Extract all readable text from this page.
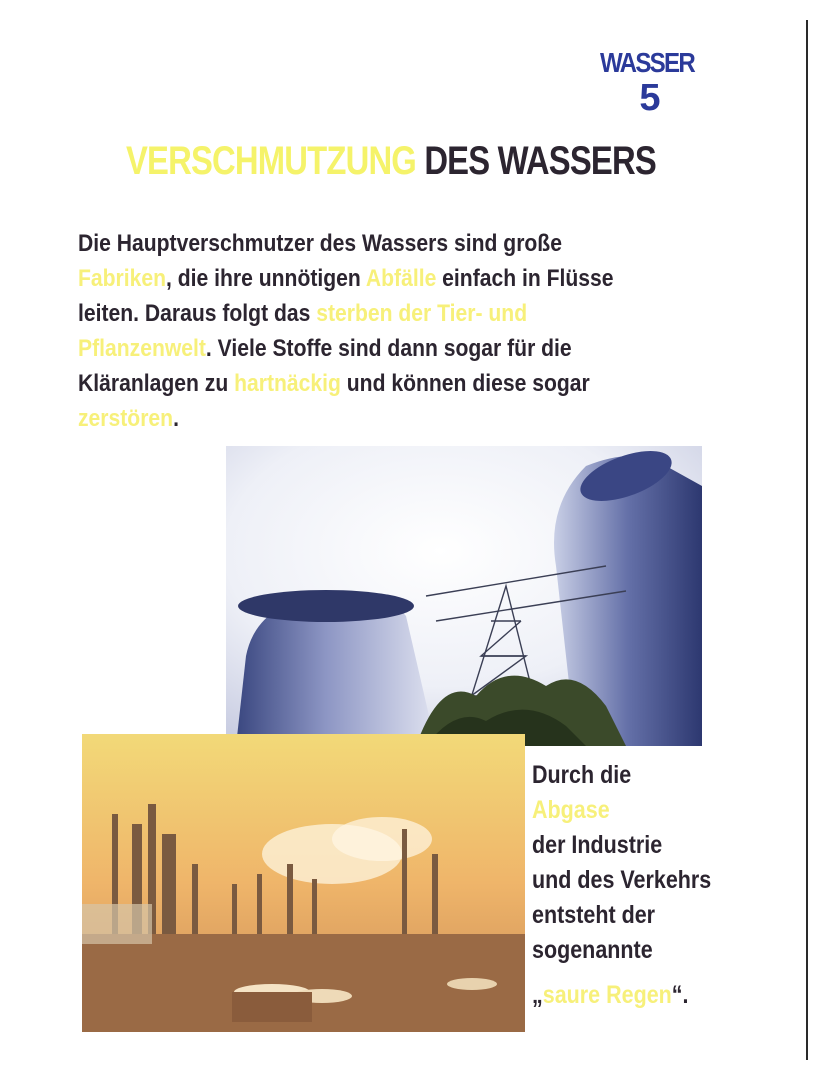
WASSER
5
VERSCHMUTZUNG DES WASSERS
Die Hauptverschmutzer des Wassers sind große Fabriken, die ihre unnötigen Abfälle einfach in Flüsse leiten. Daraus folgt das sterben der Tier- und Pflanzenwelt. Viele Stoffe sind dann sogar für die Kläranlagen zu hartnäckig und können diese sogar zerstören.
Durch die
Abgase
der Industrie
und des Verkehrs
entsteht der
sogenannte
„saure Regen“.
